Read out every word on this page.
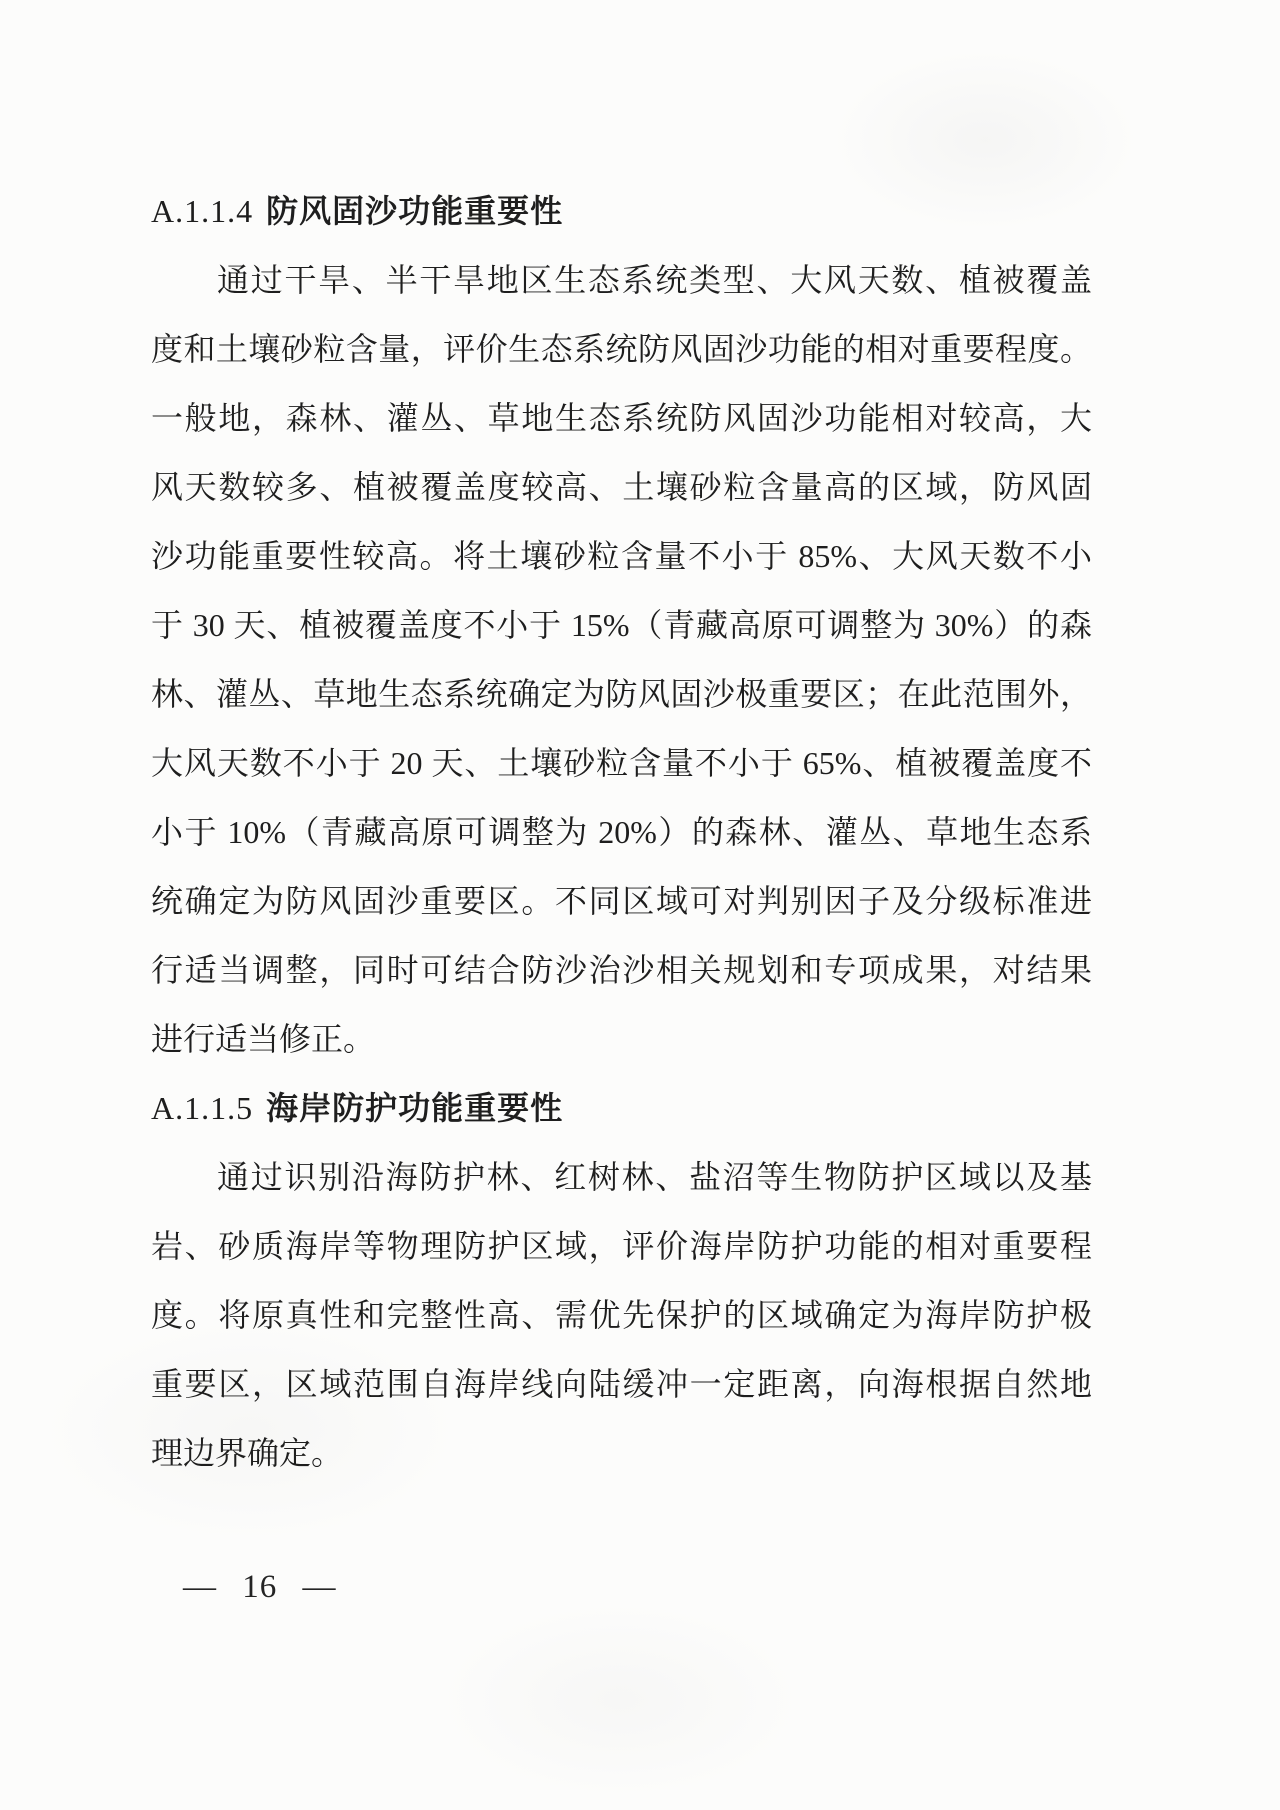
A.1.1.4 防风固沙功能重要性
通过干旱、半干旱地区生态系统类型、大风天数、植被覆盖
度和土壤砂粒含量，评价生态系统防风固沙功能的相对重要程度。
一般地，森林、灌丛、草地生态系统防风固沙功能相对较高，大
风天数较多、植被覆盖度较高、土壤砂粒含量高的区域，防风固
沙功能重要性较高。将土壤砂粒含量不小于 85%、大风天数不小
于 30 天、植被覆盖度不小于 15%（青藏高原可调整为 30%）的森
林、灌丛、草地生态系统确定为防风固沙极重要区；在此范围外，
大风天数不小于 20 天、土壤砂粒含量不小于 65%、植被覆盖度不
小于 10%（青藏高原可调整为 20%）的森林、灌丛、草地生态系
统确定为防风固沙重要区。不同区域可对判别因子及分级标准进
行适当调整，同时可结合防沙治沙相关规划和专项成果，对结果
进行适当修正。
A.1.1.5 海岸防护功能重要性
通过识别沿海防护林、红树林、盐沼等生物防护区域以及基
岩、砂质海岸等物理防护区域，评价海岸防护功能的相对重要程
度。将原真性和完整性高、需优先保护的区域确定为海岸防护极
重要区，区域范围自海岸线向陆缓冲一定距离，向海根据自然地
理边界确定。
— 16 —
